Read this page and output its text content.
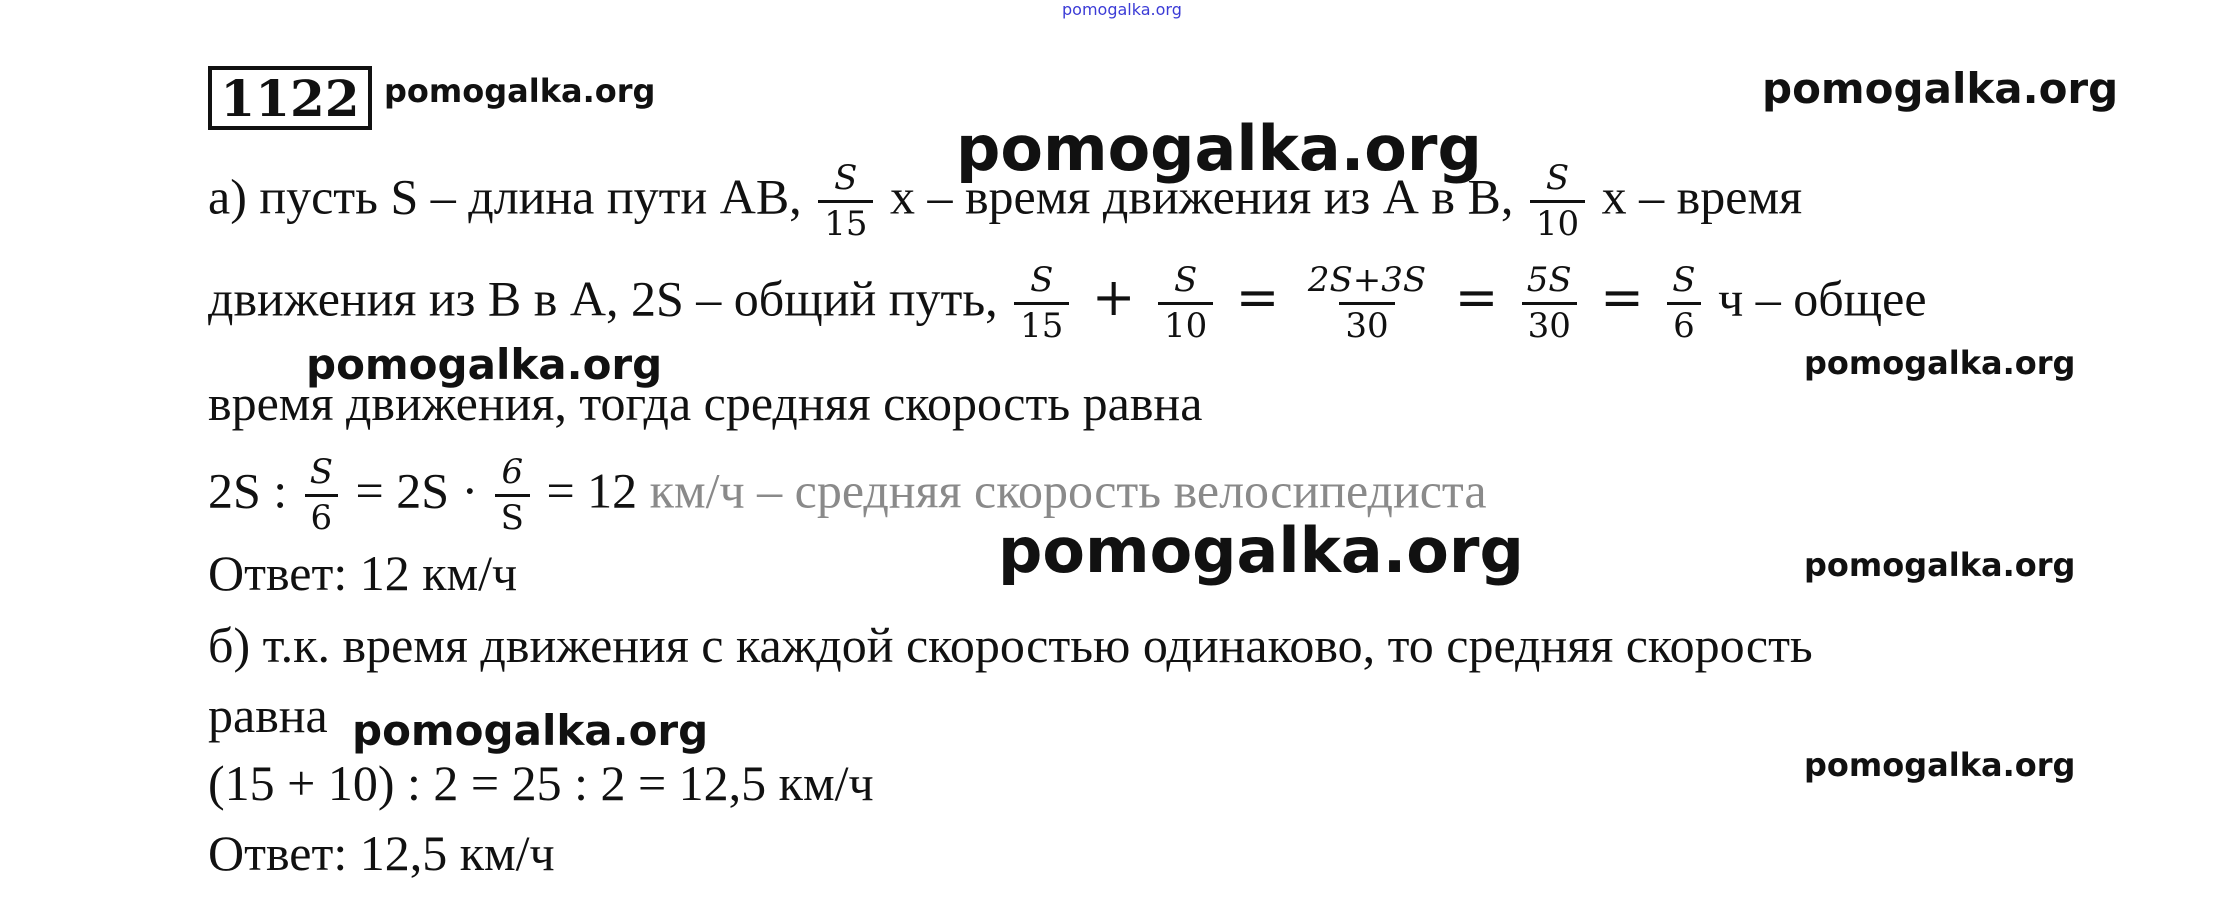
pomogalka.org
1122 pomogalka.org	pomogalka.org
pomogalka.org
а) пусть S – длина пути AB, $\frac{S}{15}$ x – время движения из А в В, $\frac{S}{10}$ x – время
движения из В в А, 2S – общий путь, $\frac{S}{15} + \frac{S}{10} = \frac{2S+3S}{30} = \frac{5S}{30} = \frac{S}{6}$ ч – общее
pomogalka.org	pomogalka.org
время движения, тогда средняя скорость равна
2S : $\frac{S}{6} = 2S \cdot \frac{6}{S} = 12$ км/ч – средняя скорость велосипедиста
pomogalka.org	pomogalka.org
Ответ: 12 км/ч
б) т.к. время движения с каждой скоростью одинаково, то средняя скорость
равна pomogalka.org
pomogalka.org
(15 + 10) : 2 = 25 : 2 = 12,5 км/ч
Ответ: 12,5 км/ч
